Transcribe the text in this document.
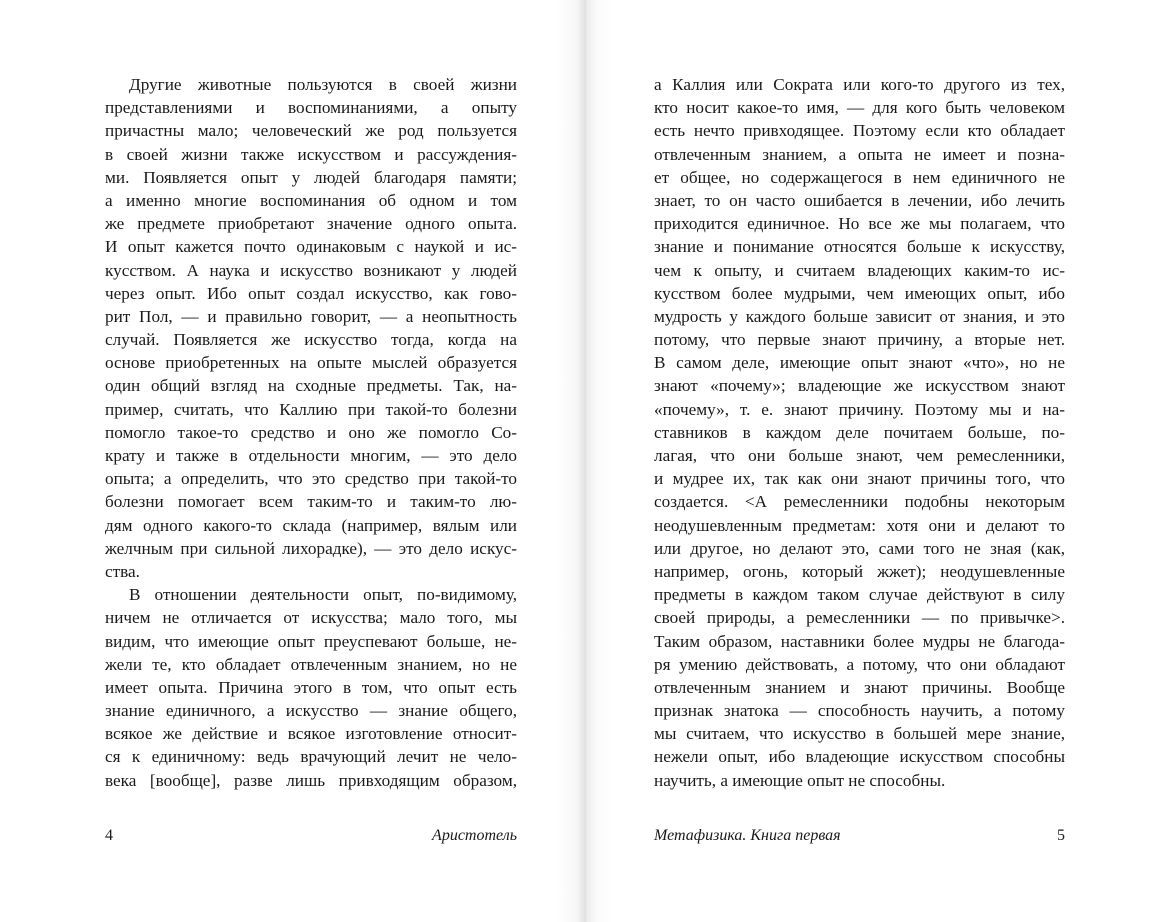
Другие животные пользуются в своей жизни
представлениями и воспоминаниями, а опыту
причастны мало; человеческий же род пользуется
в своей жизни также искусством и рассуждения-
ми. Появляется опыт у людей благодаря памяти;
а именно многие воспоминания об одном и том
же предмете приобретают значение одного опыта.
И опыт кажется почто одинаковым с наукой и ис-
кусством. А наука и искусство возникают у людей
через опыт. Ибо опыт создал искусство, как гово-
рит Пол, — и правильно говорит, — а неопытность
случай. Появляется же искусство тогда, когда на
основе приобретенных на опыте мыслей образуется
один общий взгляд на сходные предметы. Так, на-
пример, считать, что Каллию при такой-то болезни
помогло такое-то средство и оно же помогло Со-
крату и также в отдельности многим, — это дело
опыта; а определить, что это средство при такой-то
болезни помогает всем таким-то и таким-то лю-
дям одного какого-то склада (например, вялым или
желчным при сильной лихорадке), — это дело искус-
ства.
В отношении деятельности опыт, по-видимому,
ничем не отличается от искусства; мало того, мы
видим, что имеющие опыт преуспевают больше, не-
жели те, кто обладает отвлеченным знанием, но не
имеет опыта. Причина этого в том, что опыт есть
знание единичного, а искусство — знание общего,
всякое же действие и всякое изготовление относит-
ся к единичному: ведь врачующий лечит не чело-
века [вообще], разве лишь привходящим образом,
4	Аристотель
а Каллия или Сократа или кого-то другого из тех,
кто носит какое-то имя, — для кого быть человеком
есть нечто привходящее. Поэтому если кто обладает
отвлеченным знанием, а опыта не имеет и позна-
ет общее, но содержащегося в нем единичного не
знает, то он часто ошибается в лечении, ибо лечить
приходится единичное. Но все же мы полагаем, что
знание и понимание относятся больше к искусству,
чем к опыту, и считаем владеющих каким-то ис-
кусством более мудрыми, чем имеющих опыт, ибо
мудрость у каждого больше зависит от знания, и это
потому, что первые знают причину, а вторые нет.
В самом деле, имеющие опыт знают «что», но не
знают «почему»; владеющие же искусством знают
«почему», т. е. знают причину. Поэтому мы и на-
ставников в каждом деле почитаем больше, по-
лагая, что они больше знают, чем ремесленники,
и мудрее их, так как они знают причины того, что
создается. <А ремесленники подобны некоторым
неодушевленным предметам: хотя они и делают то
или другое, но делают это, сами того не зная (как,
например, огонь, который жжет); неодушевленные
предметы в каждом таком случае действуют в силу
своей природы, а ремесленники — по привычке>.
Таким образом, наставники более мудры не благода-
ря умению действовать, а потому, что они обладают
отвлеченным знанием и знают причины. Вообще
признак знатока — способность научить, а потому
мы считаем, что искусство в большей мере знание,
нежели опыт, ибо владеющие искусством способны
научить, а имеющие опыт не способны.
Метафизика. Книга первая	5
